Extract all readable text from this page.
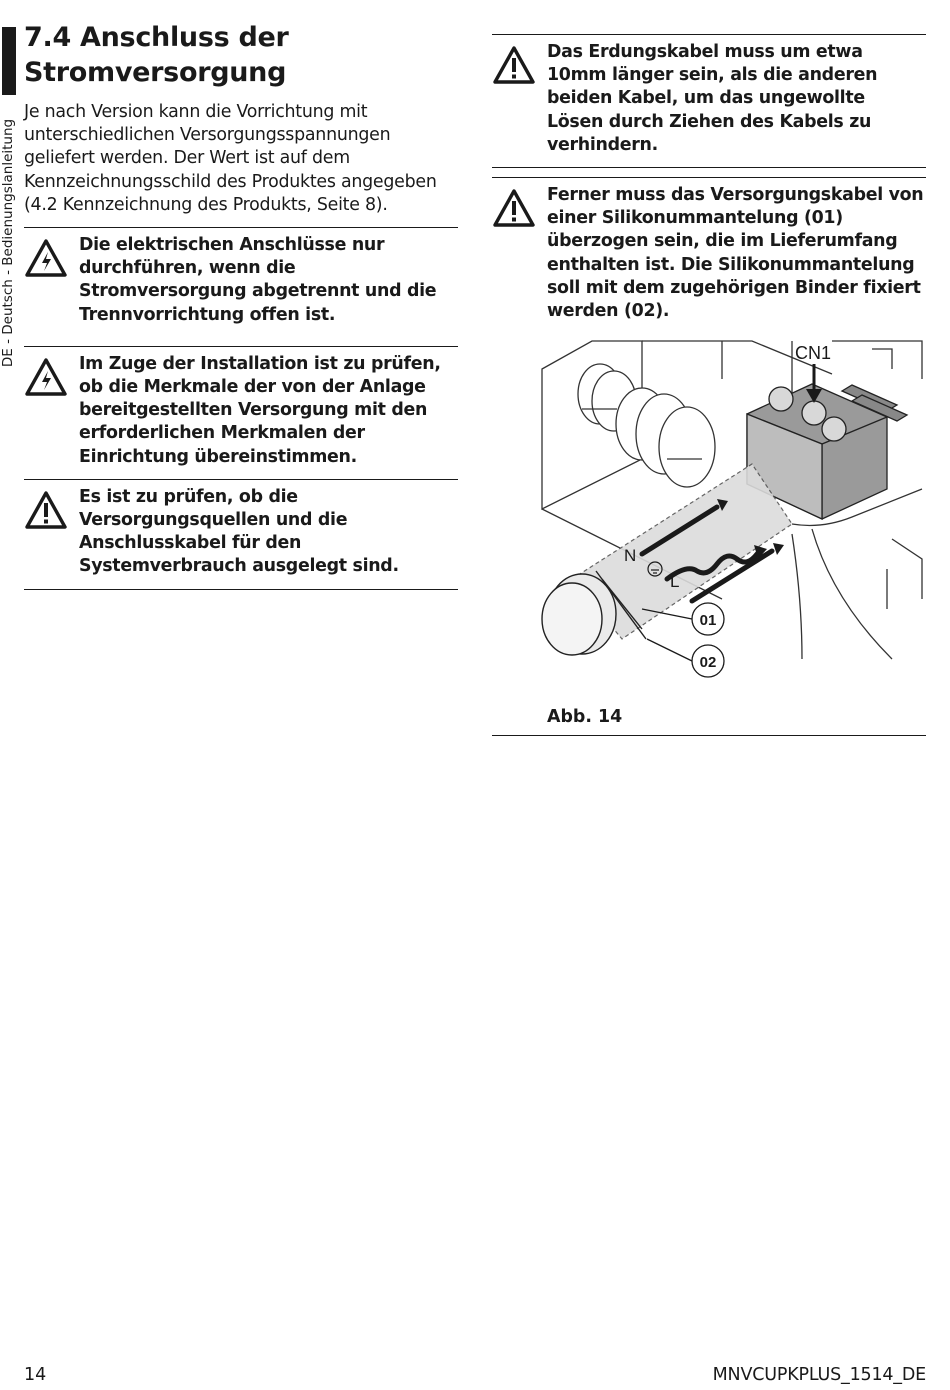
DE - Deutsch - Bedienungslanleitung
7.4 Anschluss der
Stromversorgung

Je nach Version kann die Vorrichtung mit unterschiedlichen Versorgungsspannungen geliefert werden. Der Wert ist auf dem Kennzeichnungsschild des Produktes angegeben (4.2 Kennzeichnung des Produkts, Seite 8).

Die elektrischen Anschlüsse nur durchführen, wenn die Stromversorgung abgetrennt und die Trennvorrichtung offen ist.
Im Zuge der Installation ist zu prüfen, ob die Merkmale der von der Anlage bereitgestellten Versorgung mit den erforderlichen Merkmalen der Einrichtung übereinstimmen.
Es ist zu prüfen, ob die Versorgungsquellen und die Anschlusskabel für den Systemverbrauch ausgelegt sind.
Das Erdungskabel muss um etwa 10mm länger sein, als die anderen beiden Kabel, um das ungewollte Lösen durch Ziehen des Kabels zu verhindern.
Ferner muss das Versorgungskabel von einer Silikonummantelung (01) überzogen sein, die im Lieferumfang enthalten ist. Die Silikonummantelung soll mit dem zugehörigen Binder fixiert werden (02).
CN1
N
L
01
02
Abb. 14
14	MNVCUPKPLUS_1514_DE
